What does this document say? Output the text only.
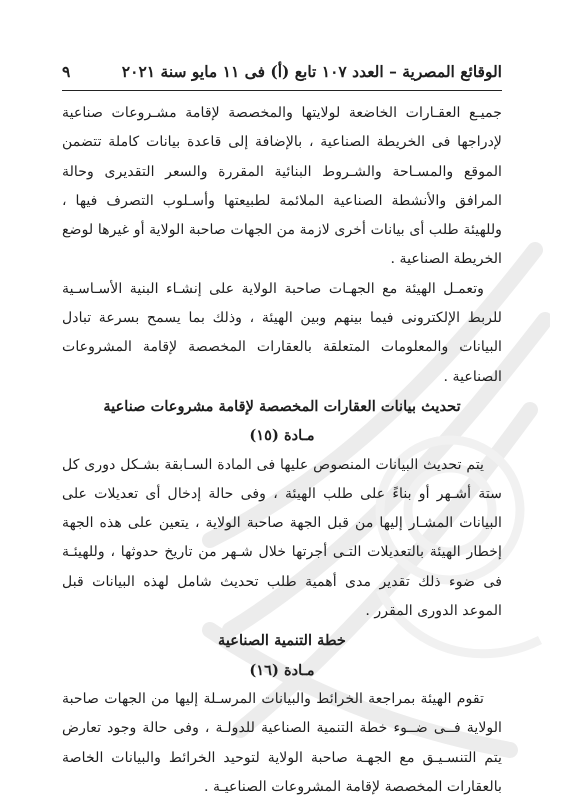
الوقائع المصرية – العدد ١٠٧ تابع (أ) فى ١١ مايو سنة ٢٠٢١
٩

جميـع العقـارات الخاضعة لولايتها والمخصصة لإقامة مشـروعات صناعية لإدراجها فى الخريطة الصناعية ، بالإضافة إلى قاعدة بيانات كاملة تتضمن الموقع والمسـاحة والشـروط البنائية المقررة والسعر التقديرى وحالة المرافق والأنشطة الصناعية الملائمة لطبيعتها وأسـلوب التصرف فيها ، وللهيئة طلب أى بيانات أخرى لازمة من الجهات صاحبة الولاية أو غيرها لوضع الخريطة الصناعية .

وتعمـل الهيئة مع الجهـات صاحبة الولاية على إنشـاء البنية الأسـاسـية للربط الإلكترونى فيما بينهم وبين الهيئة ، وذلك بما يسمح بسرعة تبادل البيانات والمعلومات المتعلقة بالعقارات المخصصة لإقامة المشروعات الصناعية .

تحديث بيانات العقارات المخصصة لإقامة مشروعات صناعية

مـادة (١٥)

يتم تحديث البيانات المنصوص عليها فى المادة السـابقة بشـكل دورى كل ستة أشـهر أو بناءً على طلب الهيئة ، وفى حالة إدخال أى تعديلات على البيانات المشـار إليها من قبل الجهة صاحبة الولاية ، يتعين على هذه الجهة إخطار الهيئة بالتعديلات التـى أجرتها خلال شـهر من تاريخ حدوثها ، وللهيئـة فى ضوء ذلك تقدير مدى أهمية طلب تحديث شامل لهذه البيانات قبل الموعد الدورى المقرر .

خطة التنمية الصناعية

مـادة (١٦)

تقوم الهيئة بمراجعة الخرائط والبيانات المرسـلة إليها من الجهات صاحبة الولاية فــى ضــوء خطة التنمية الصناعية للدولـة ، وفى حالة وجود تعارض يتم التنسـيـق مع الجهـة صاحبة الولاية لتوحيد الخرائط والبيانات الخاصة بالعقارات المخصصة لإقامة المشروعات الصناعيـة .
